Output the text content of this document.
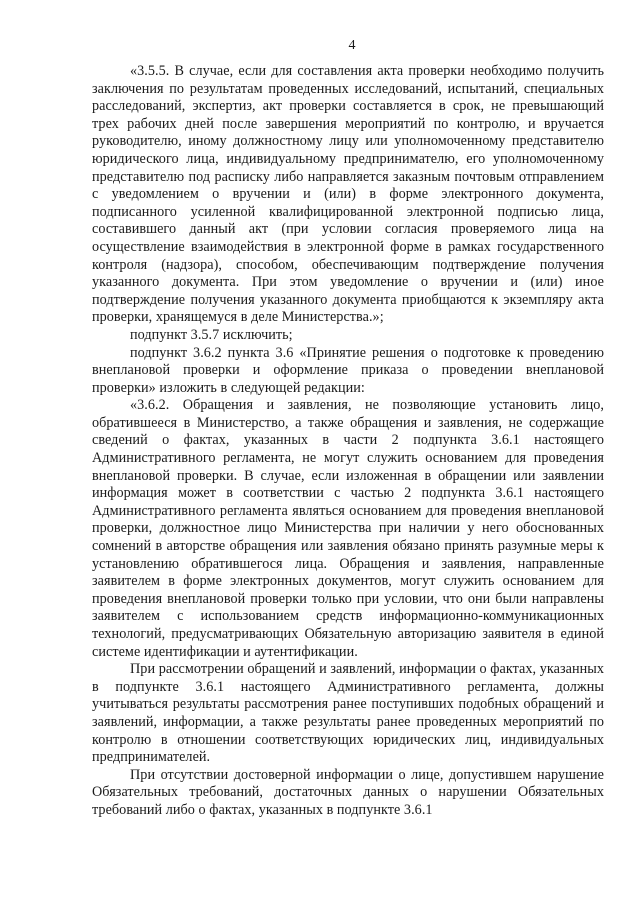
4

«3.5.5. В случае, если для составления акта проверки необходимо получить заключения по результатам проведенных исследований, испытаний, специальных расследований, экспертиз, акт проверки составляется в срок, не превышающий трех рабочих дней после завершения мероприятий по контролю, и вручается руководителю, иному должностному лицу или уполномоченному представителю юридического лица, индивидуальному предпринимателю, его уполномоченному представителю под расписку либо направляется заказным почтовым отправлением с уведомлением о вручении и (или) в форме электронного документа, подписанного усиленной квалифицированной электронной подписью лица, составившего данный акт (при условии согласия проверяемого лица на осуществление взаимодействия в электронной форме в рамках государственного контроля (надзора), способом, обеспечивающим подтверждение получения указанного документа. При этом уведомление о вручении и (или) иное подтверждение получения указанного документа приобщаются к экземпляру акта проверки, хранящемуся в деле Министерства.»;

подпункт 3.5.7 исключить;

подпункт 3.6.2 пункта 3.6 «Принятие решения о подготовке к проведению внеплановой проверки и оформление приказа о проведении внеплановой проверки» изложить в следующей редакции:

«3.6.2. Обращения и заявления, не позволяющие установить лицо, обратившееся в Министерство, а также обращения и заявления, не содержащие сведений о фактах, указанных в части 2 подпункта 3.6.1 настоящего Административного регламента, не могут служить основанием для проведения внеплановой проверки. В случае, если изложенная в обращении или заявлении информация может в соответствии с частью 2 подпункта 3.6.1 настоящего Административного регламента являться основанием для проведения внеплановой проверки, должностное лицо Министерства при наличии у него обоснованных сомнений в авторстве обращения или заявления обязано принять разумные меры к установлению обратившегося лица. Обращения и заявления, направленные заявителем в форме электронных документов, могут служить основанием для проведения внеплановой проверки только при условии, что они были направлены заявителем с использованием средств информационно-коммуникационных технологий, предусматривающих Обязательную авторизацию заявителя в единой системе идентификации и аутентификации.

При рассмотрении обращений и заявлений, информации о фактах, указанных в подпункте 3.6.1 настоящего Административного регламента, должны учитываться результаты рассмотрения ранее поступивших подобных обращений и заявлений, информации, а также результаты ранее проведенных мероприятий по контролю в отношении соответствующих юридических лиц, индивидуальных предпринимателей.

При отсутствии достоверной информации о лице, допустившем нарушение Обязательных требований, достаточных данных о нарушении Обязательных требований либо о фактах, указанных в подпункте 3.6.1
